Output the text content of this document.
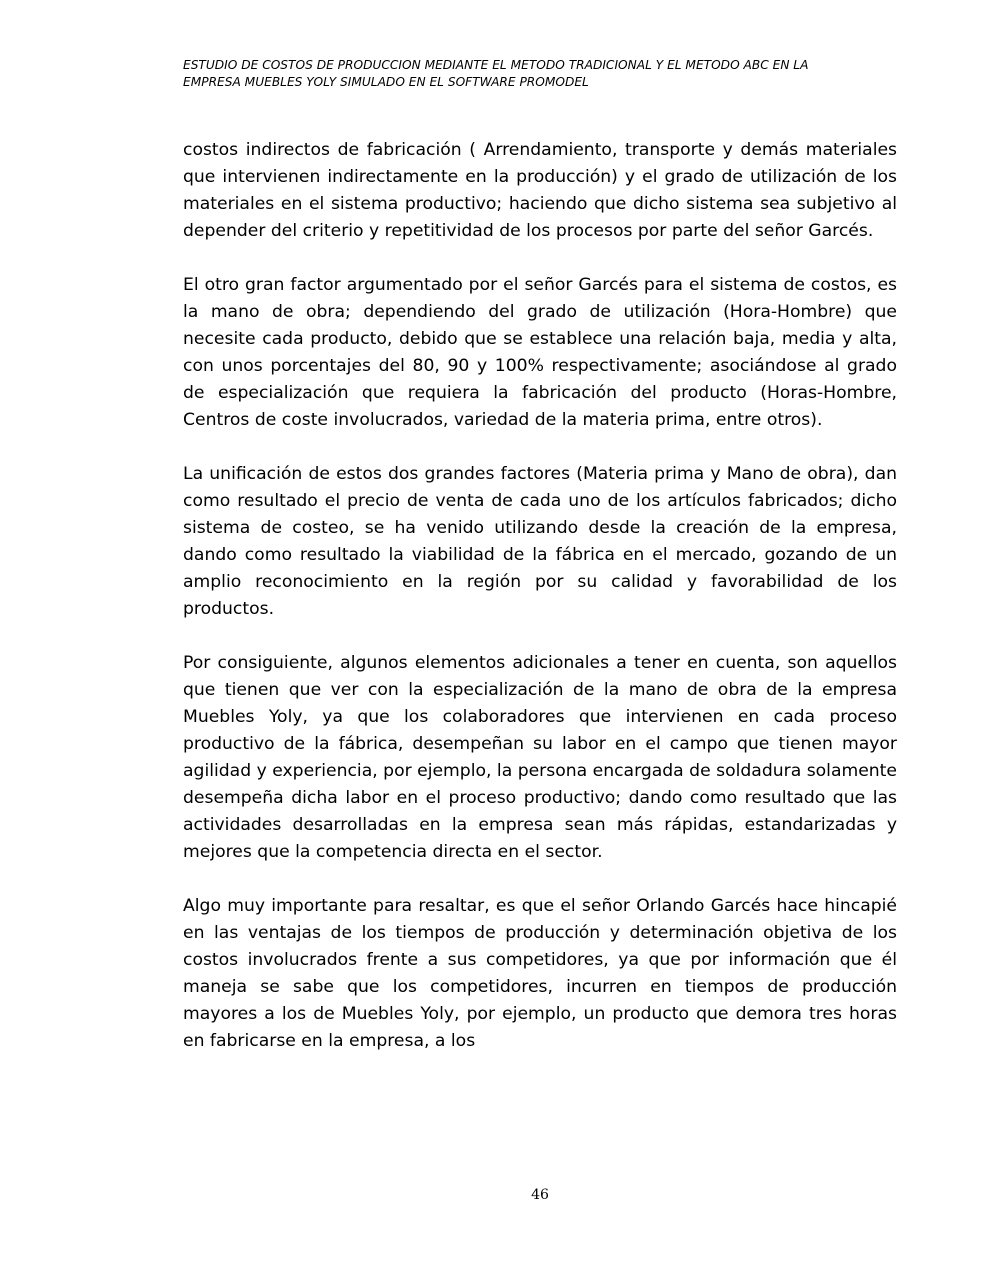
ESTUDIO DE COSTOS DE PRODUCCION MEDIANTE EL METODO TRADICIONAL Y EL METODO ABC EN LA
EMPRESA MUEBLES YOLY SIMULADO EN EL SOFTWARE PROMODEL

costos indirectos de fabricación ( Arrendamiento, transporte y demás materiales que intervienen indirectamente en la producción) y el grado de utilización de los materiales en el sistema productivo; haciendo que dicho sistema sea subjetivo al depender del criterio y repetitividad de los procesos por parte del señor Garcés.

El otro gran factor argumentado por el señor Garcés para el sistema de costos, es la mano de obra; dependiendo del grado de utilización (Hora-Hombre) que necesite cada producto, debido que se establece una relación baja, media y alta, con unos porcentajes del 80, 90 y 100% respectivamente; asociándose al grado de especialización que requiera la fabricación del producto (Horas-Hombre, Centros de coste involucrados, variedad de la materia prima, entre otros).

La unificación de estos dos grandes factores (Materia prima y Mano de obra), dan como resultado el precio de venta de cada uno de los artículos fabricados; dicho sistema de costeo, se ha venido utilizando desde la creación de la empresa, dando como resultado la viabilidad de la fábrica en el mercado, gozando de un amplio reconocimiento en la región por su calidad y favorabilidad de los productos.

Por consiguiente, algunos elementos adicionales a tener en cuenta, son aquellos que tienen que ver con la especialización de la mano de obra de la empresa Muebles Yoly, ya que los colaboradores que intervienen en cada proceso productivo de la fábrica, desempeñan su labor en el campo que tienen mayor agilidad y experiencia, por ejemplo, la persona encargada de soldadura solamente desempeña dicha labor en el proceso productivo; dando como resultado que las actividades desarrolladas en la empresa sean más rápidas, estandarizadas y mejores que la competencia directa en el sector.

Algo muy importante para resaltar, es que el señor Orlando Garcés hace hincapié en las ventajas de los tiempos de producción y determinación objetiva de los costos involucrados frente a sus competidores, ya que por información que él maneja se sabe que los competidores, incurren en tiempos de producción mayores a los de Muebles Yoly, por ejemplo, un producto que demora tres horas en fabricarse en la empresa, a los

46
